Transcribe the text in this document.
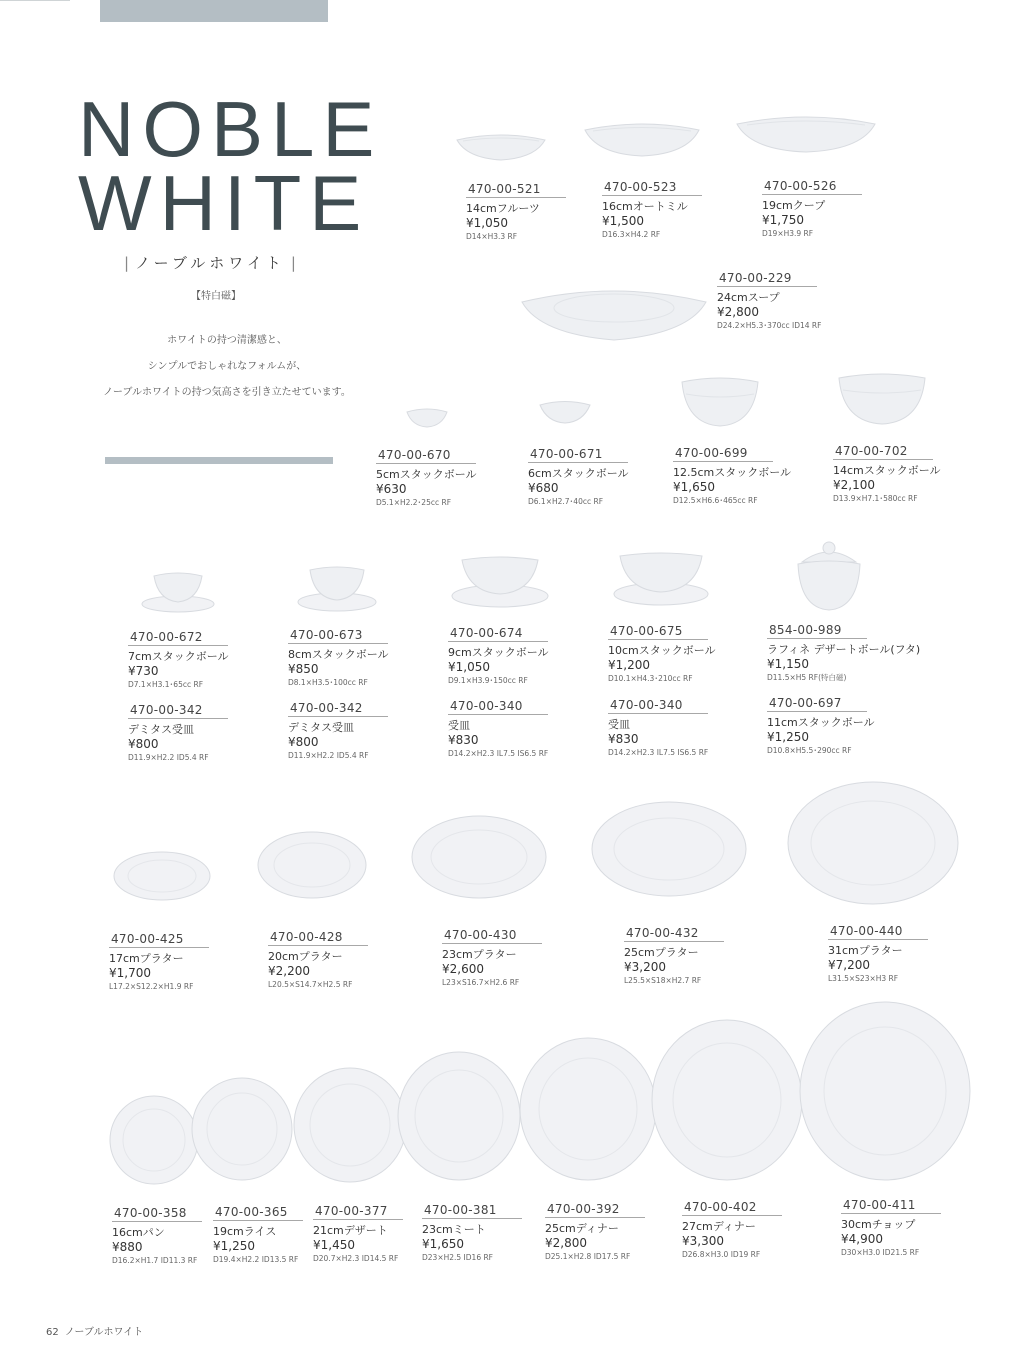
NOBLE
WHITE
| ノーブルホワイト |
【特白磁】
ホワイトの持つ清潔感と、
シンプルでおしゃれなフォルムが、
ノーブルホワイトの持つ気高さを引き立たせています。
470-00-521
14cmフルーツ
¥1,050
D14×H3.3 RF
470-00-523
16cmオートミル
¥1,500
D16.3×H4.2 RF
470-00-526
19cmクープ
¥1,750
D19×H3.9 RF
470-00-229
24cmスープ
¥2,800
D24.2×H5.3･370cc ID14 RF
470-00-670
5cmスタックボール
¥630
D5.1×H2.2･25cc RF
470-00-671
6cmスタックボール
¥680
D6.1×H2.7･40cc RF
470-00-699
12.5cmスタックボール
¥1,650
D12.5×H6.6･465cc RF
470-00-702
14cmスタックボール
¥2,100
D13.9×H7.1･580cc RF
470-00-672
7cmスタックボール
¥730
D7.1×H3.1･65cc RF
470-00-673
8cmスタックボール
¥850
D8.1×H3.5･100cc RF
470-00-674
9cmスタックボール
¥1,050
D9.1×H3.9･150cc RF
470-00-675
10cmスタックボール
¥1,200
D10.1×H4.3･210cc RF
854-00-989
ラフィネ デザートボール(フタ)
¥1,150
D11.5×H5 RF(特白磁)
470-00-342
デミタス受皿
¥800
D11.9×H2.2 ID5.4 RF
470-00-342
デミタス受皿
¥800
D11.9×H2.2 ID5.4 RF
470-00-340
受皿
¥830
D14.2×H2.3 IL7.5 IS6.5 RF
470-00-340
受皿
¥830
D14.2×H2.3 IL7.5 IS6.5 RF
470-00-697
11cmスタックボール
¥1,250
D10.8×H5.5･290cc RF
470-00-425
17cmプラター
¥1,700
L17.2×S12.2×H1.9 RF
470-00-428
20cmプラター
¥2,200
L20.5×S14.7×H2.5 RF
470-00-430
23cmプラター
¥2,600
L23×S16.7×H2.6 RF
470-00-432
25cmプラター
¥3,200
L25.5×S18×H2.7 RF
470-00-440
31cmプラター
¥7,200
L31.5×S23×H3 RF
470-00-358
16cmパン
¥880
D16.2×H1.7 ID11.3 RF
470-00-365
19cmライス
¥1,250
D19.4×H2.2 ID13.5 RF
470-00-377
21cmデザート
¥1,450
D20.7×H2.3 ID14.5 RF
470-00-381
23cmミート
¥1,650
D23×H2.5 ID16 RF
470-00-392
25cmディナー
¥2,800
D25.1×H2.8 ID17.5 RF
470-00-402
27cmディナー
¥3,300
D26.8×H3.0 ID19 RF
470-00-411
30cmチョップ
¥4,900
D30×H3.0 ID21.5 RF
62 ノーブルホワイト
